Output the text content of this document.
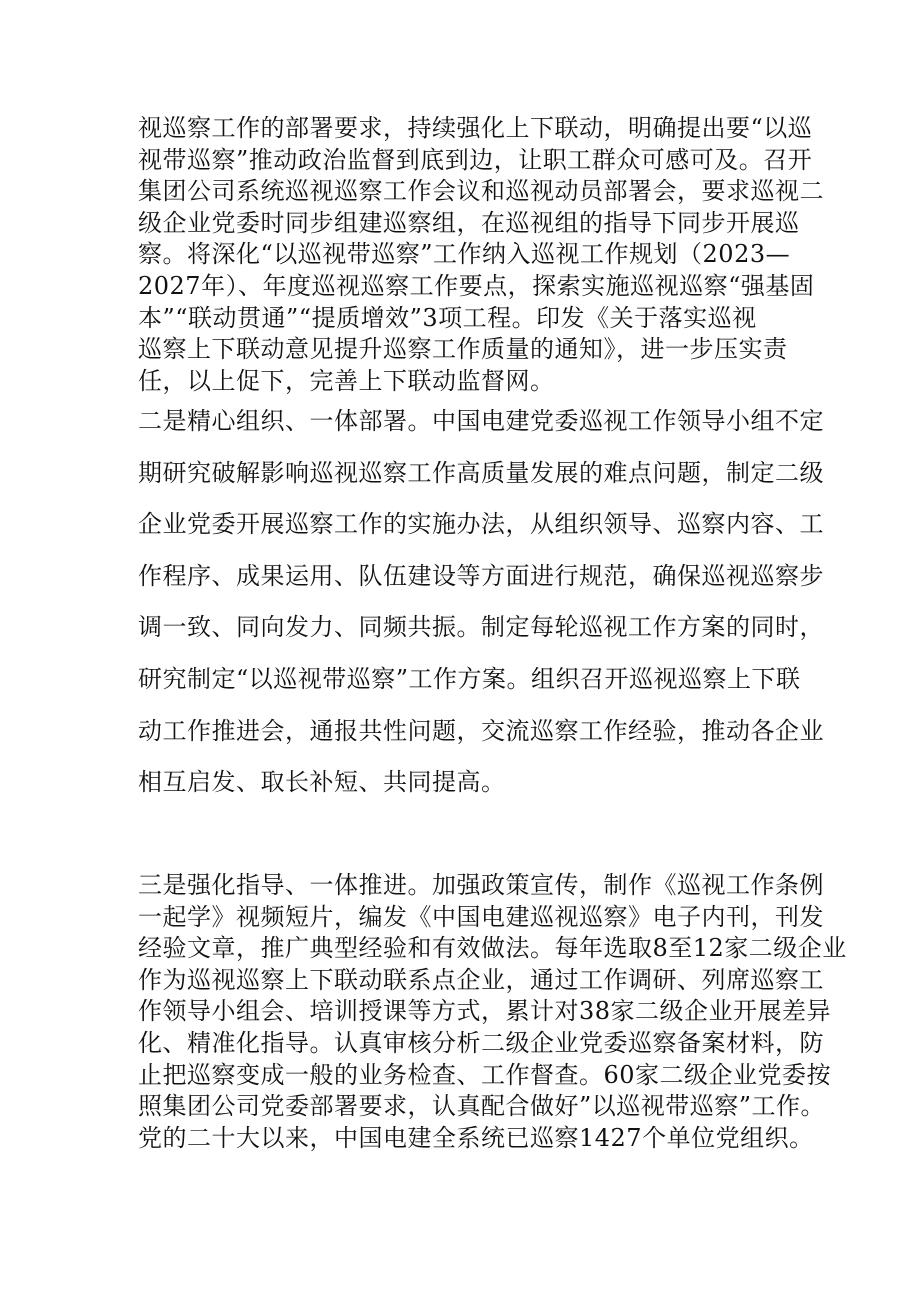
视巡察工作的部署要求，持续强化上下联动，明确提出要“以巡
视带巡察”推动政治监督到底到边，让职工群众可感可及。召开
集团公司系统巡视巡察工作会议和巡视动员部署会，要求巡视二
级企业党委时同步组建巡察组，在巡视组的指导下同步开展巡
察。将深化“以巡视带巡察”工作纳入巡视工作规划（2023—
2027年）、年度巡视巡察工作要点，探索实施巡视巡察“强基固
本”“联动贯通”“提质增效”3项工程。印发《关于落实巡视
巡察上下联动意见提升巡察工作质量的通知》，进一步压实责
任，以上促下，完善上下联动监督网。

二是精心组织、一体部署。中国电建党委巡视工作领导小组不定
期研究破解影响巡视巡察工作高质量发展的难点问题，制定二级
企业党委开展巡察工作的实施办法，从组织领导、巡察内容、工
作程序、成果运用、队伍建设等方面进行规范，确保巡视巡察步
调一致、同向发力、同频共振。制定每轮巡视工作方案的同时，
研究制定“以巡视带巡察”工作方案。组织召开巡视巡察上下联
动工作推进会，通报共性问题，交流巡察工作经验，推动各企业
相互启发、取长补短、共同提高。

三是强化指导、一体推进。加强政策宣传，制作《巡视工作条例
一起学》视频短片，编发《中国电建巡视巡察》电子内刊，刊发
经验文章，推广典型经验和有效做法。每年选取8至12家二级企业
作为巡视巡察上下联动联系点企业，通过工作调研、列席巡察工
作领导小组会、培训授课等方式，累计对38家二级企业开展差异
化、精准化指导。认真审核分析二级企业党委巡察备案材料，防
止把巡察变成一般的业务检查、工作督查。60家二级企业党委按
照集团公司党委部署要求，认真配合做好”以巡视带巡察”工作。
党的二十大以来，中国电建全系统已巡察1427个单位党组织。
